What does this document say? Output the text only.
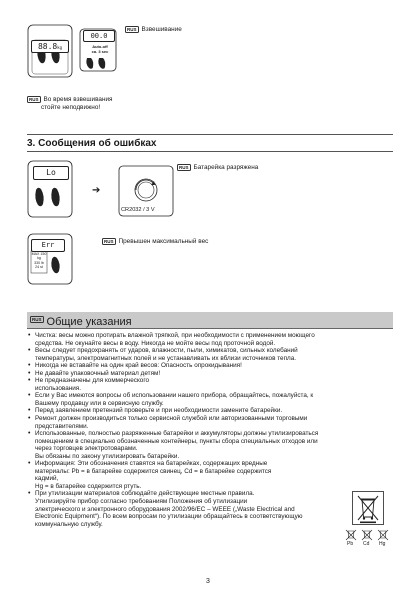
88.8kg
00.0
Auto-off
ca. 3 sec
RUS Взвешивание
RUS Во время взвешивания
стойте неподвижно!
3. Сообщения об ошибках
Lo
➔
CR2032 / 3 V
RUS Батарейка разряжена
Err
MAX 150 kg
330 lb
24 st
RUS Превышен максимальный вес
RUS Общие указания
• Чистка: весы можно протирать влажной тряпкой, при необходимости с применением моющего
средства. Не окунайте весы в воду. Никогда не мойте весы под проточной водой.
• Весы следует предохранять от ударов, влажности, пыли, химикатов, сильных колебаний
температуры, электромагнитных полей и не устанавливать их вблизи источников тепла.
• Никогда не вставайте на один край весов: Опасность опрокидывания!
• Не давайте упаковочный материал детям!
• Не предназначены для коммерческого
использования.
• Если у Вас имеются вопросы об использовании нашего прибора, обращайтесь, пожалуйста, к
Вашему продавцу или в сервисную службу.
• Перед заявлением претензий проверьте и при необходимости замените батарейки.
• Ремонт должен производиться только сервисной службой или авторизованными торговыми
представителями.
• Использованные, полностью разряженные батарейки и аккумуляторы должны утилизироваться
помещением в специально обозначенные контейнеры, пункты сбора специальных отходов или
через торговцев электротоварами.
Вы обязаны по закону утилизировать батарейки.
• Информация: Эти обозначения ставятся на батарейках, содержащих вредные
материалы: Pb = в батарейке содержится свинец, Cd = в батарейке содержится
кадмий,
Hg = в батарейке содержится ртуть.
• При утилизации материалов соблюдайте действующие местные правила.
Утилизируйте прибор согласно требованиям Положения об утилизации
электрического и электронного оборудования 2002/96/EC – WEEE („Waste Electrical and
Electronic Equipment“). По всем вопросам по утилизации обращайтесь в соответствующую
коммунальную службу.
Pb Cd Hg
3
